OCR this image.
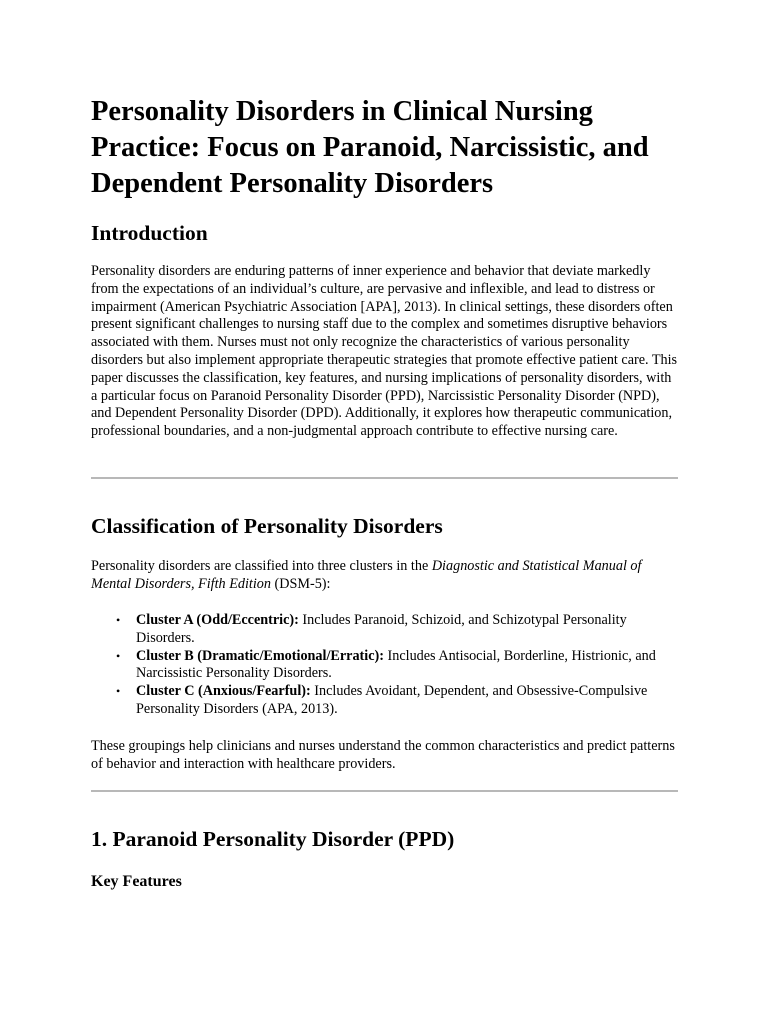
Personality Disorders in Clinical Nursing Practice: Focus on Paranoid, Narcissistic, and Dependent Personality Disorders
Introduction

Personality disorders are enduring patterns of inner experience and behavior that deviate markedly from the expectations of an individual’s culture, are pervasive and inflexible, and lead to distress or impairment (American Psychiatric Association [APA], 2013). In clinical settings, these disorders often present significant challenges to nursing staff due to the complex and sometimes disruptive behaviors associated with them. Nurses must not only recognize the characteristics of various personality disorders but also implement appropriate therapeutic strategies that promote effective patient care. This paper discusses the classification, key features, and nursing implications of personality disorders, with a particular focus on Paranoid Personality Disorder (PPD), Narcissistic Personality Disorder (NPD), and Dependent Personality Disorder (DPD). Additionally, it explores how therapeutic communication, professional boundaries, and a non-judgmental approach contribute to effective nursing care.

Classification of Personality Disorders

Personality disorders are classified into three clusters in the Diagnostic and Statistical Manual of Mental Disorders, Fifth Edition (DSM-5):

• Cluster A (Odd/Eccentric): Includes Paranoid, Schizoid, and Schizotypal Personality Disorders.
• Cluster B (Dramatic/Emotional/Erratic): Includes Antisocial, Borderline, Histrionic, and Narcissistic Personality Disorders.
• Cluster C (Anxious/Fearful): Includes Avoidant, Dependent, and Obsessive-Compulsive Personality Disorders (APA, 2013).

These groupings help clinicians and nurses understand the common characteristics and predict patterns of behavior and interaction with healthcare providers.

1. Paranoid Personality Disorder (PPD)
Key Features
